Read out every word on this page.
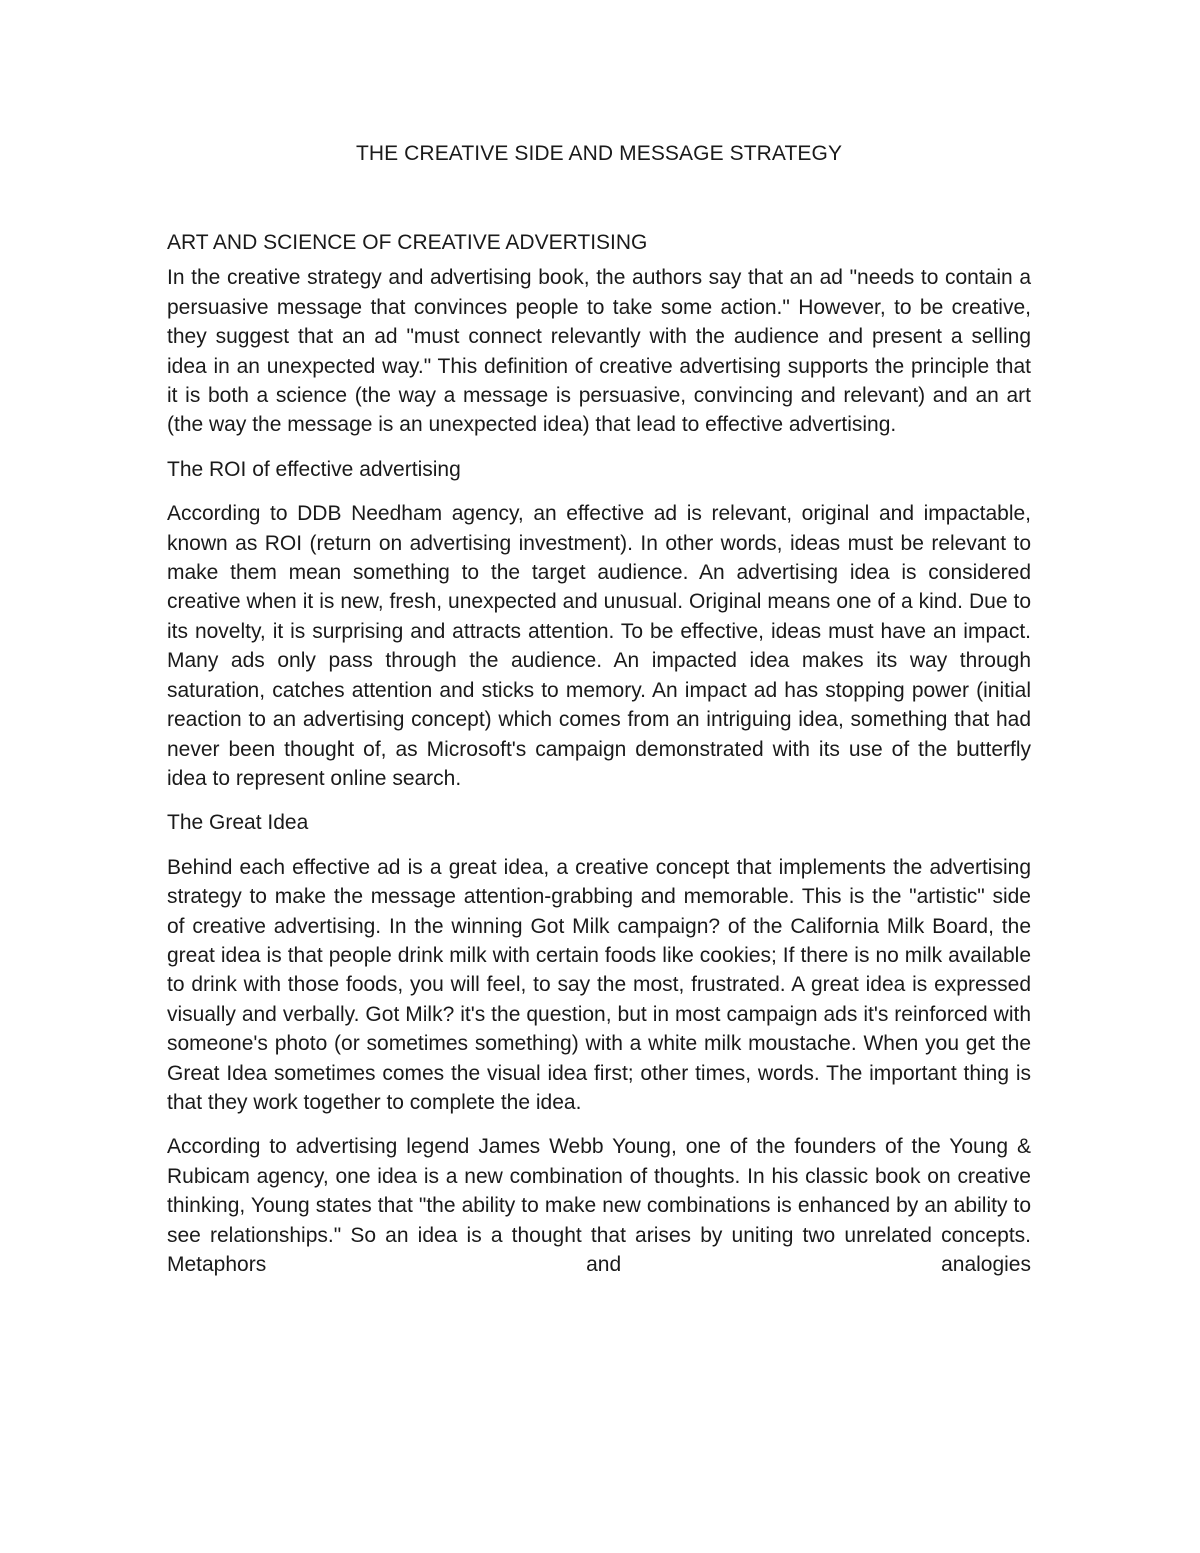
THE CREATIVE SIDE AND MESSAGE STRATEGY
ART AND SCIENCE OF CREATIVE ADVERTISING

In the creative strategy and advertising book, the authors say that an ad "needs to contain a persuasive message that convinces people to take some action." However, to be creative, they suggest that an ad "must connect relevantly with the audience and present a selling idea in an unexpected way." This definition of creative advertising supports the principle that it is both a science (the way a message is persuasive, convincing and relevant) and an art (the way the message is an unexpected idea) that lead to effective advertising.

The ROI of effective advertising

According to DDB Needham agency, an effective ad is relevant, original and impactable, known as ROI (return on advertising investment). In other words, ideas must be relevant to make them mean something to the target audience. An advertising idea is considered creative when it is new, fresh, unexpected and unusual. Original means one of a kind. Due to its novelty, it is surprising and attracts attention. To be effective, ideas must have an impact. Many ads only pass through the audience. An impacted idea makes its way through saturation, catches attention and sticks to memory. An impact ad has stopping power (initial reaction to an advertising concept) which comes from an intriguing idea, something that had never been thought of, as Microsoft's campaign demonstrated with its use of the butterfly idea to represent online search.

The Great Idea

Behind each effective ad is a great idea, a creative concept that implements the advertising strategy to make the message attention-grabbing and memorable. This is the "artistic" side of creative advertising. In the winning Got Milk campaign? of the California Milk Board, the great idea is that people drink milk with certain foods like cookies; If there is no milk available to drink with those foods, you will feel, to say the most, frustrated. A great idea is expressed visually and verbally. Got Milk? it's the question, but in most campaign ads it's reinforced with someone's photo (or sometimes something) with a white milk moustache. When you get the Great Idea sometimes comes the visual idea first; other times, words. The important thing is that they work together to complete the idea.

According to advertising legend James Webb Young, one of the founders of the Young & Rubicam agency, one idea is a new combination of thoughts. In his classic book on creative thinking, Young states that "the ability to make new combinations is enhanced by an ability to see relationships." So an idea is a thought that arises by uniting two unrelated concepts. Metaphors and analogies
